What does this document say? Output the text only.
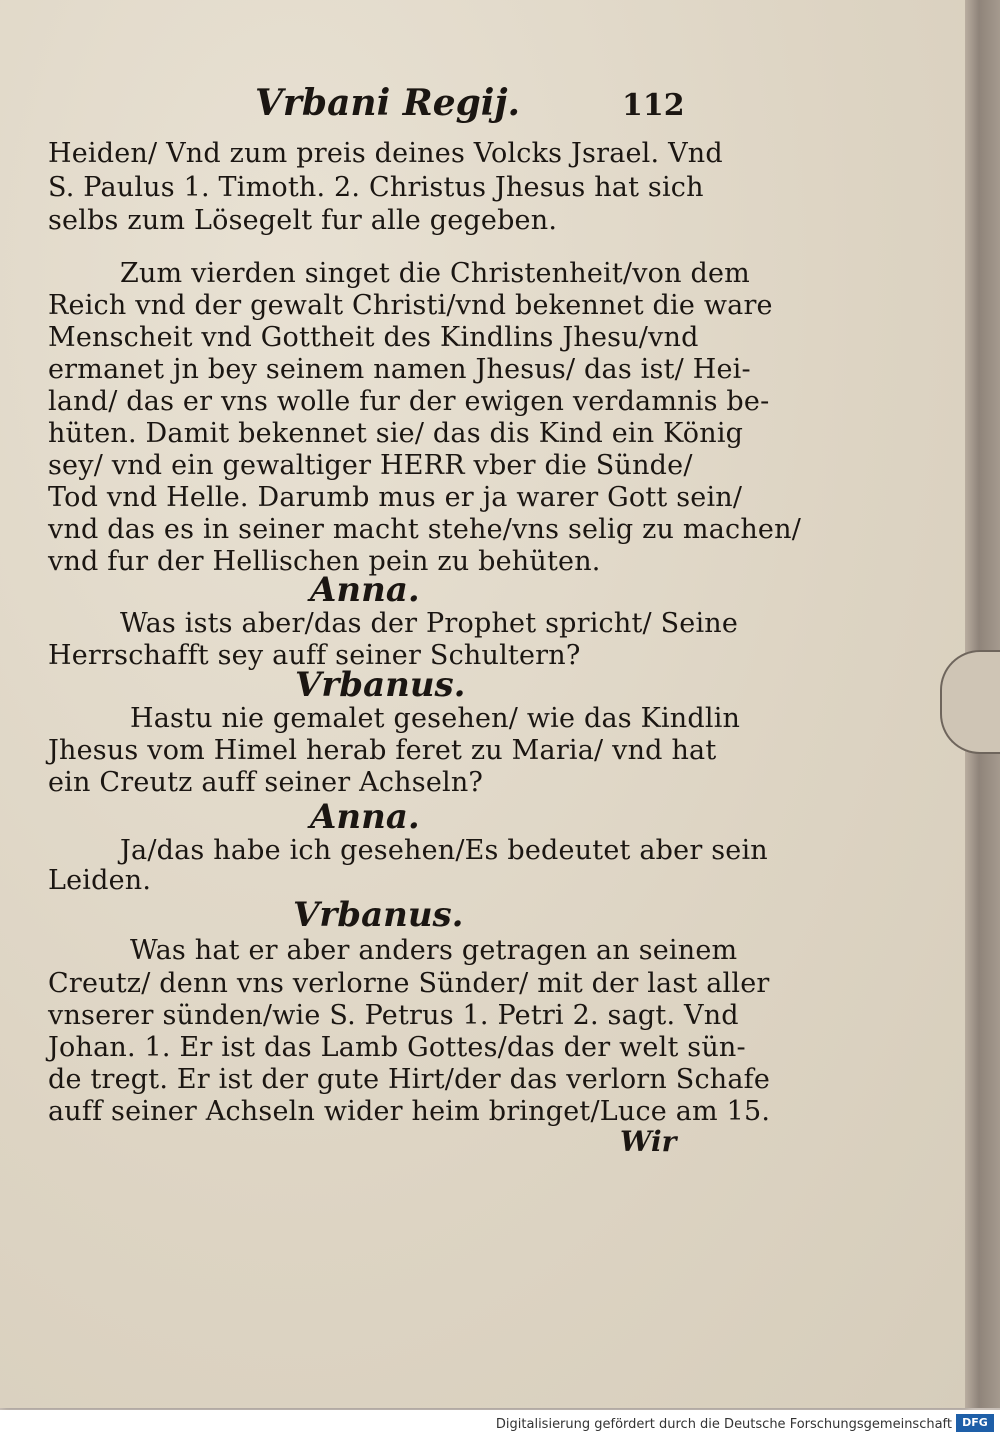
Vrbani Regij.	112
Heiden/ Vnd zum preis deines Volcks Jsrael. Vnd
S. Paulus 1. Timoth. 2. Christus Jhesus hat sich
selbs zum Lösegelt fur alle gegeben.
Zum vierden singet die Christenheit/von dem
Reich vnd der gewalt Christi/vnd bekennet die ware
Menscheit vnd Gottheit des Kindlins Jhesu/vnd
ermanet jn bey seinem namen Jhesus/ das ist/ Hei-
land/ das er vns wolle fur der ewigen verdamnis be-
hüten. Damit bekennet sie/ das dis Kind ein König
sey/ vnd ein gewaltiger HERR vber die Sünde/
Tod vnd Helle. Darumb mus er ja warer Gott sein/
vnd das es in seiner macht stehe/vns selig zu machen/
vnd fur der Hellischen pein zu behüten.
Anna.
Was ists aber/das der Prophet spricht/ Seine
Herrschafft sey auff seiner Schultern?
Vrbanus.
Hastu nie gemalet gesehen/ wie das Kindlin
Jhesus vom Himel herab feret zu Maria/ vnd hat
ein Creutz auff seiner Achseln?
Anna.
Ja/das habe ich gesehen/Es bedeutet aber sein
Leiden.
Vrbanus.
Was hat er aber anders getragen an seinem
Creutz/ denn vns verlorne Sünder/ mit der last aller
vnserer sünden/wie S. Petrus 1. Petri 2. sagt. Vnd
Johan. 1. Er ist das Lamb Gottes/das der welt sün-
de tregt. Er ist der gute Hirt/der das verlorn Schafe
auff seiner Achseln wider heim bringet/Luce am 15.
Wir
Digitalisierung gefördert durch die Deutsche Forschungsgemeinschaft DFG
